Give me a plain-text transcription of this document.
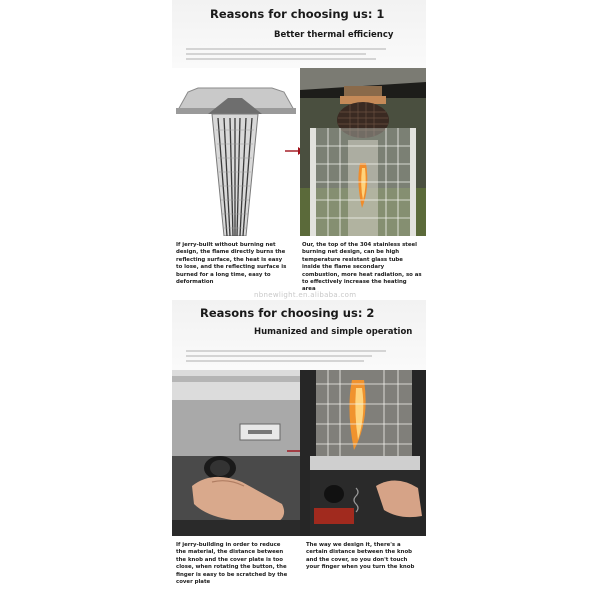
Reasons for choosing us: 1
Better thermal efficiency
If jerry-built without burning net design, the flame directly burns the reflecting surface, the heat is easy to lose, and the reflecting surface is burned for a long time, easy to deformation
Our, the top of the 304 stainless steel burning net design, can be high temperature resistant glass tube inside the flame secondary combustion, more heat radiation, so as to effectively increase the heating area
nbnewlight.en.alibaba.com
Reasons for choosing us: 2
Humanized and simple operation
If jerry-building in order to reduce the material, the distance between the knob and the cover plate is too close, when rotating the button, the finger is easy to be scratched by the cover plate
The way we design it, there's a certain distance between the knob and the cover, so you don't touch your finger when you turn the knob
